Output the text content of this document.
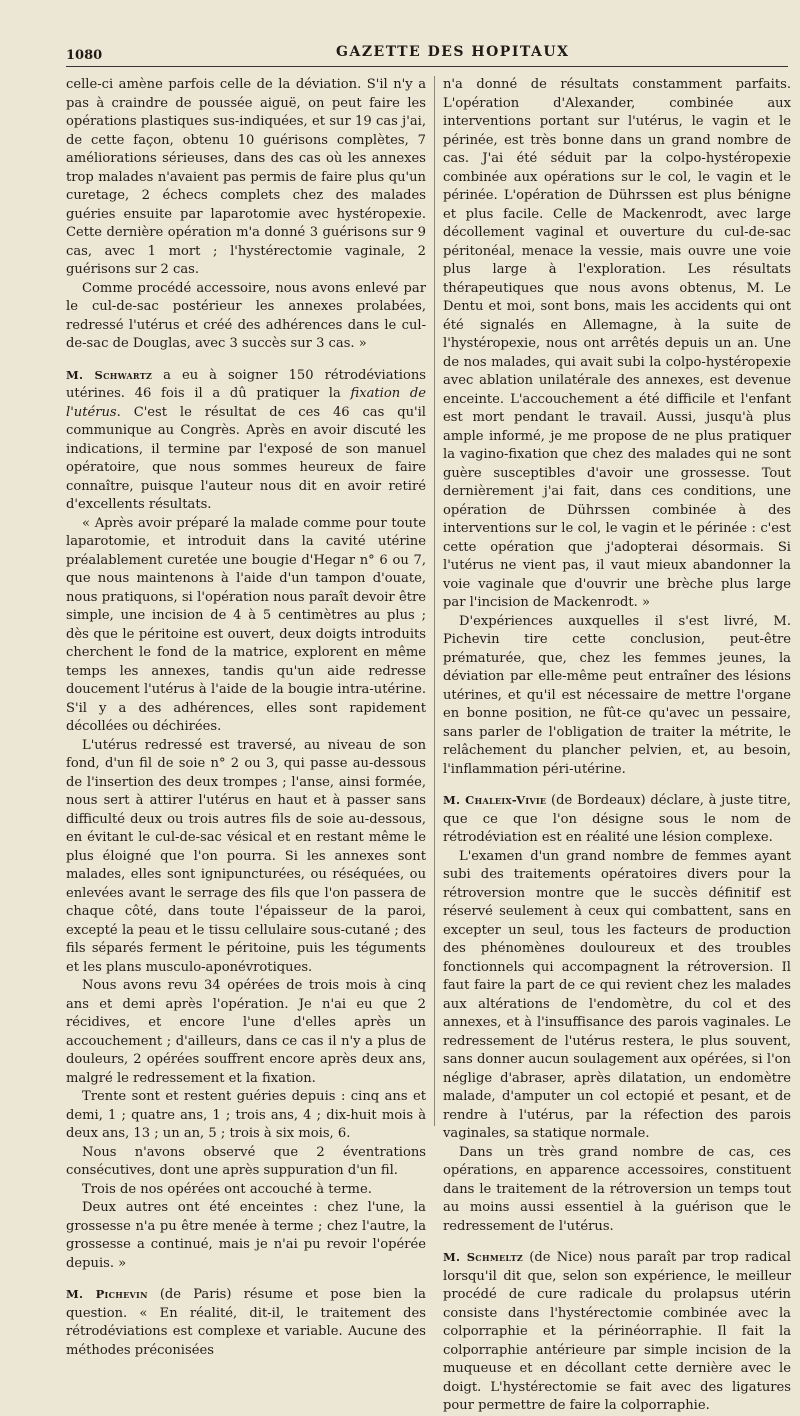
1080	GAZETTE DES HOPITAUX

celle-ci amène parfois celle de la déviation. S'il n'y a pas à craindre de poussée aiguë, on peut faire les opérations plastiques sus-indiquées, et sur 19 cas j'ai, de cette façon, obtenu 10 guérisons complètes, 7 améliorations sérieuses, dans des cas où les annexes trop malades n'avaient pas permis de faire plus qu'un curetage, 2 échecs complets chez des malades guéries ensuite par laparotomie avec hystéropexie. Cette dernière opération m'a donné 3 guérisons sur 9 cas, avec 1 mort ; l'hystérectomie vaginale, 2 guérisons sur 2 cas.

Comme procédé accessoire, nous avons enlevé par le cul-de-sac postérieur les annexes prolabées, redressé l'utérus et créé des adhérences dans le cul-de-sac de Douglas, avec 3 succès sur 3 cas. »

M. Schwartz a eu à soigner 150 rétrodéviations utérines. 46 fois il a dû pratiquer la fixation de l'utérus. C'est le résultat de ces 46 cas qu'il communique au Congrès. Après en avoir discuté les indications, il termine par l'exposé de son manuel opératoire, que nous sommes heureux de faire connaître, puisque l'auteur nous dit en avoir retiré d'excellents résultats.

« Après avoir préparé la malade comme pour toute laparotomie, et introduit dans la cavité utérine préalablement curetée une bougie d'Hegar n° 6 ou 7, que nous maintenons à l'aide d'un tampon d'ouate, nous pratiquons, si l'opération nous paraît devoir être simple, une incision de 4 à 5 centimètres au plus ; dès que le péritoine est ouvert, deux doigts introduits cherchent le fond de la matrice, explorent en même temps les annexes, tandis qu'un aide redresse doucement l'utérus à l'aide de la bougie intra-utérine. S'il y a des adhérences, elles sont rapidement décollées ou déchirées.

L'utérus redressé est traversé, au niveau de son fond, d'un fil de soie n° 2 ou 3, qui passe au-dessous de l'insertion des deux trompes ; l'anse, ainsi formée, nous sert à attirer l'utérus en haut et à passer sans difficulté deux ou trois autres fils de soie au-dessous, en évitant le cul-de-sac vésical et en restant même le plus éloigné que l'on pourra. Si les annexes sont malades, elles sont ignipuncturées, ou réséquées, ou enlevées avant le serrage des fils que l'on passera de chaque côté, dans toute l'épaisseur de la paroi, excepté la peau et le tissu cellulaire sous-cutané ; des fils séparés ferment le péritoine, puis les téguments et les plans musculo-aponévrotiques.

Nous avons revu 34 opérées de trois mois à cinq ans et demi après l'opération. Je n'ai eu que 2 récidives, et encore l'une d'elles après un accouchement ; d'ailleurs, dans ce cas il n'y a plus de douleurs, 2 opérées souffrent encore après deux ans, malgré le redressement et la fixation.

Trente sont et restent guéries depuis : cinq ans et demi, 1 ; quatre ans, 1 ; trois ans, 4 ; dix-huit mois à deux ans, 13 ; un an, 5 ; trois à six mois, 6.

Nous n'avons observé que 2 éventrations consécutives, dont une après suppuration d'un fil.

Trois de nos opérées ont accouché à terme.

Deux autres ont été enceintes : chez l'une, la grossesse n'a pu être menée à terme ; chez l'autre, la grossesse a continué, mais je n'ai pu revoir l'opérée depuis. »

M. Pichevin (de Paris) résume et pose bien la question. « En réalité, dit-il, le traitement des rétrodéviations est complexe et variable. Aucune des méthodes préconisées

n'a donné de résultats constamment parfaits. L'opération d'Alexander, combinée aux interventions portant sur l'utérus, le vagin et le périnée, est très bonne dans un grand nombre de cas. J'ai été séduit par la colpo-hystéropexie combinée aux opérations sur le col, le vagin et le périnée. L'opération de Dührssen est plus bénigne et plus facile. Celle de Mackenrodt, avec large décollement vaginal et ouverture du cul-de-sac péritonéal, menace la vessie, mais ouvre une voie plus large à l'exploration. Les résultats thérapeutiques que nous avons obtenus, M. Le Dentu et moi, sont bons, mais les accidents qui ont été signalés en Allemagne, à la suite de l'hystéropexie, nous ont arrêtés depuis un an. Une de nos malades, qui avait subi la colpo-hystéropexie avec ablation unilatérale des annexes, est devenue enceinte. L'accouchement a été difficile et l'enfant est mort pendant le travail. Aussi, jusqu'à plus ample informé, je me propose de ne plus pratiquer la vagino-fixation que chez des malades qui ne sont guère susceptibles d'avoir une grossesse. Tout dernièrement j'ai fait, dans ces conditions, une opération de Dührssen combinée à des interventions sur le col, le vagin et le périnée : c'est cette opération que j'adopterai désormais. Si l'utérus ne vient pas, il vaut mieux abandonner la voie vaginale que d'ouvrir une brèche plus large par l'incision de Mackenrodt. »

D'expériences auxquelles il s'est livré, M. Pichevin tire cette conclusion, peut-être prématurée, que, chez les femmes jeunes, la déviation par elle-même peut entraîner des lésions utérines, et qu'il est nécessaire de mettre l'organe en bonne position, ne fût-ce qu'avec un pessaire, sans parler de l'obligation de traiter la métrite, le relâchement du plancher pelvien, et, au besoin, l'inflammation péri-utérine.

M. Chaleix-Vivie (de Bordeaux) déclare, à juste titre, que ce que l'on désigne sous le nom de rétrodéviation est en réalité une lésion complexe.

L'examen d'un grand nombre de femmes ayant subi des traitements opératoires divers pour la rétroversion montre que le succès définitif est réservé seulement à ceux qui combattent, sans en excepter un seul, tous les facteurs de production des phénomènes douloureux et des troubles fonctionnels qui accompagnent la rétroversion. Il faut faire la part de ce qui revient chez les malades aux altérations de l'endomètre, du col et des annexes, et à l'insuffisance des parois vaginales. Le redressement de l'utérus restera, le plus souvent, sans donner aucun soulagement aux opérées, si l'on néglige d'abraser, après dilatation, un endomètre malade, d'amputer un col ectopié et pesant, et de rendre à l'utérus, par la réfection des parois vaginales, sa statique normale.

Dans un très grand nombre de cas, ces opérations, en apparence accessoires, constituent dans le traitement de la rétroversion un temps tout au moins aussi essentiel à la guérison que le redressement de l'utérus.

M. Schmeltz (de Nice) nous paraît par trop radical lorsqu'il dit que, selon son expérience, le meilleur procédé de cure radicale du prolapsus utérin consiste dans l'hystérectomie combinée avec la colporraphie et la périnéorraphie. Il fait la colporraphie antérieure par simple incision de la muqueuse et en décollant cette dernière avec le doigt. L'hystérectomie se fait avec des ligatures pour permettre de faire la colporraphie.
